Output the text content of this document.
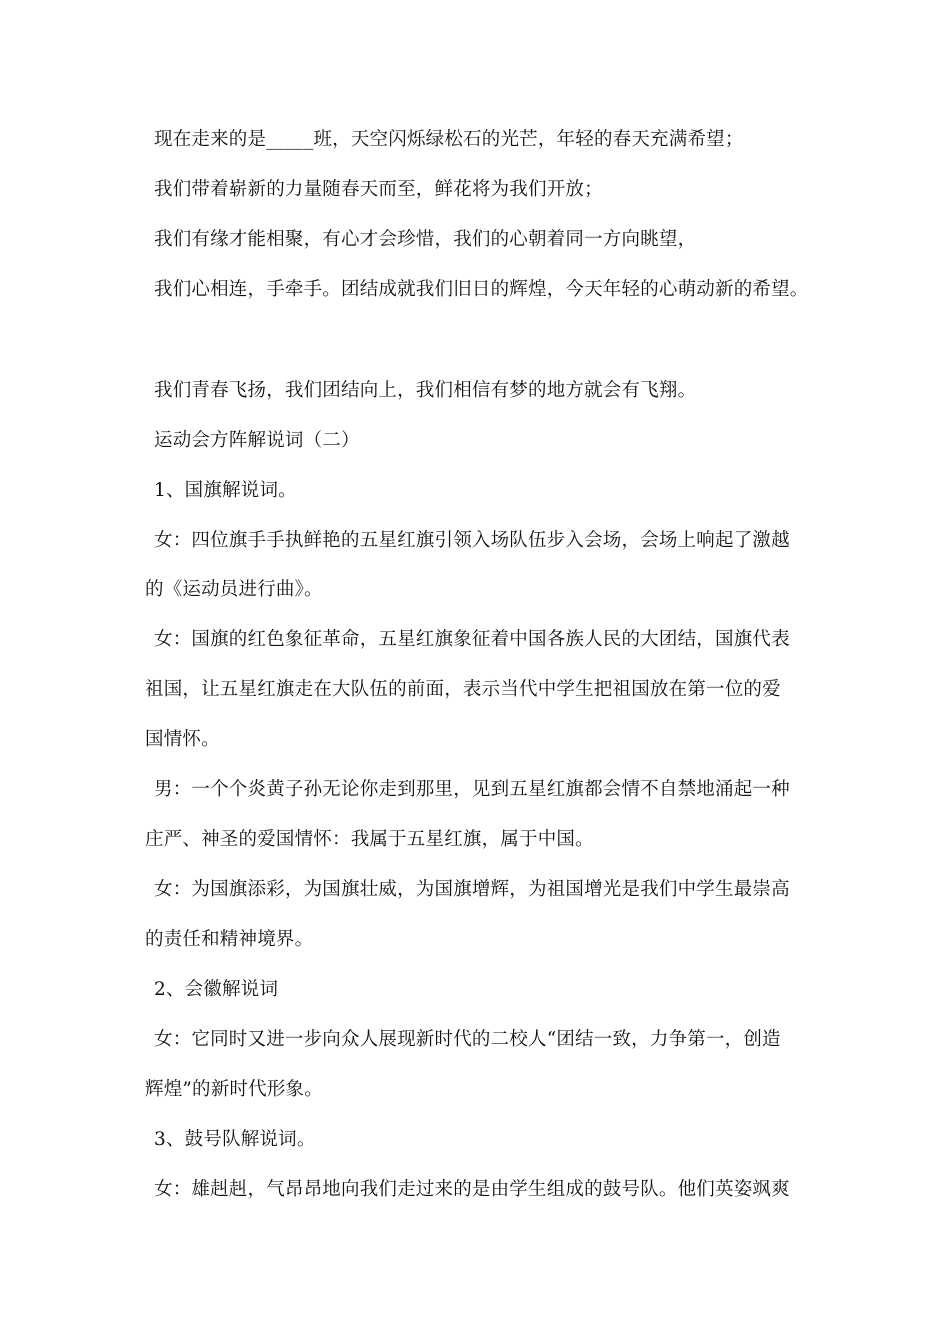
现在走来的是_____班，天空闪烁绿松石的光芒，年轻的春天充满希望；
我们带着崭新的力量随春天而至，鲜花将为我们开放；
我们有缘才能相聚，有心才会珍惜，我们的心朝着同一方向眺望，
我们心相连，手牵手。团结成就我们旧日的辉煌，今天年轻的心萌动新的希望。
我们青春飞扬，我们团结向上，我们相信有梦的地方就会有飞翔。
运动会方阵解说词（二）
1、国旗解说词。
女：四位旗手手执鲜艳的五星红旗引领入场队伍步入会场，会场上响起了激越
的《运动员进行曲》。
女：国旗的红色象征革命，五星红旗象征着中国各族人民的大团结，国旗代表
祖国，让五星红旗走在大队伍的前面，表示当代中学生把祖国放在第一位的爱
国情怀。
男：一个个炎黄子孙无论你走到那里，见到五星红旗都会情不自禁地涌起一种
庄严、神圣的爱国情怀：我属于五星红旗，属于中国。
女：为国旗添彩，为国旗壮威，为国旗增辉，为祖国增光是我们中学生最崇高
的责任和精神境界。
2、会徽解说词
女：它同时又进一步向众人展现新时代的二校人“团结一致，力争第一，创造
辉煌”的新时代形象。
3、鼓号队解说词。
女：雄赳赳，气昂昂地向我们走过来的是由学生组成的鼓号队。他们英姿飒爽
